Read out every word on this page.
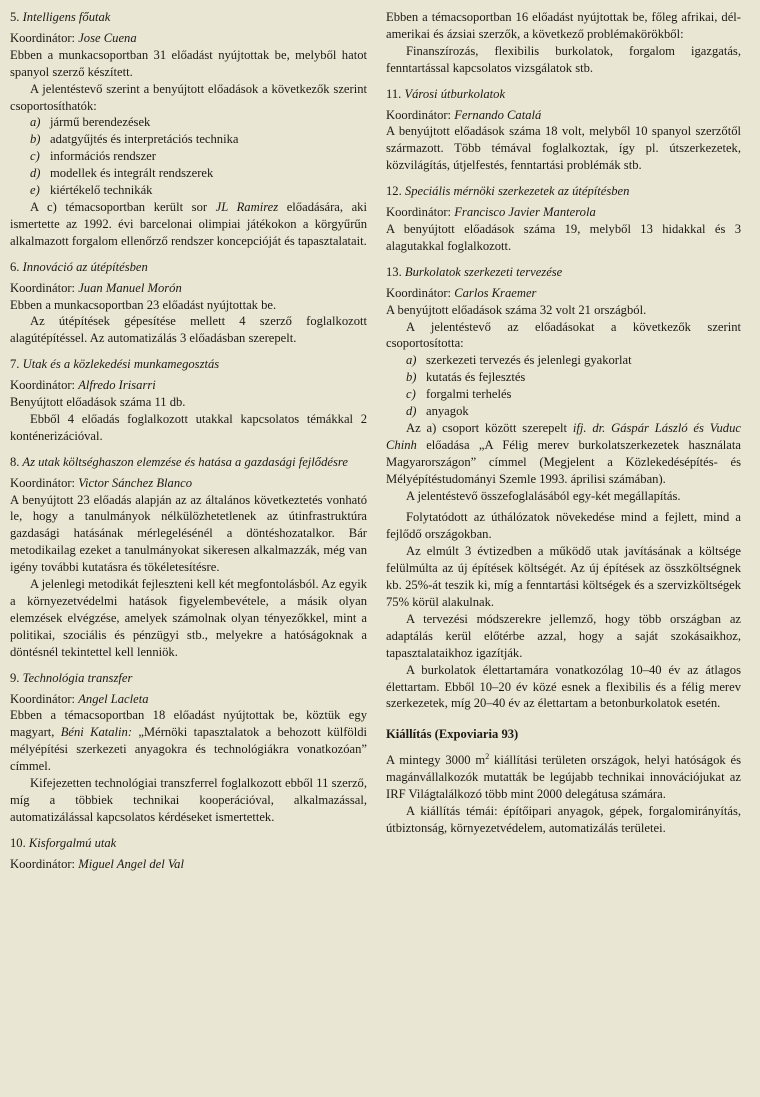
5. Intelligens főutak

Koordinátor: Jose Cuena

Ebben a munkacsoportban 31 előadást nyújtottak be, melyből hatot spanyol szerző készített.

A jelentéstevő szerint a benyújtott előadások a következők szerint csoportosíthatók:

a) jármű berendezések
b) adatgyűjtés és interpretációs technika
c) információs rendszer
d) modellek és integrált rendszerek
e) kiértékelő technikák

A c) témacsoportban került sor JL Ramirez előadására, aki ismertette az 1992. évi barcelonai olimpiai játékokon a körgyűrűn alkalmazott forgalom ellenőrző rendszer koncepcióját és tapasztalatait.

6. Innováció az útépítésben

Koordinátor: Juan Manuel Morón

Ebben a munkacsoportban 23 előadást nyújtottak be.

Az útépítések gépesítése mellett 4 szerző foglalkozott alagútépítéssel. Az automatizálás 3 előadásban szerepelt.

7. Utak és a közlekedési munkamegosztás

Koordinátor: Alfredo Irisarri

Benyújtott előadások száma 11 db.

Ebből 4 előadás foglalkozott utakkal kapcsolatos témákkal 2 konténerizációval.

8. Az utak költséghaszon elemzése és hatása a gazdasági fejlődésre

Koordinátor: Victor Sánchez Blanco

A benyújtott 23 előadás alapján az az általános következtetés vonható le, hogy a tanulmányok nélkülözhetetlenek az útinfrastruktúra gazdasági hatásának mérlegelésénél a döntéshozatalkor. Bár metodikailag ezeket a tanulmányokat sikeresen alkalmazzák, még van igény további kutatásra és tökéletesítésre.

A jelenlegi metodikát fejleszteni kell két megfontolásból. Az egyik a környezetvédelmi hatások figyelembevétele, a másik olyan elemzések elvégzése, amelyek számolnak olyan tényezőkkel, mint a politikai, szociális és pénzügyi stb., melyekre a hatóságoknak a döntésnél tekintettel kell lenniök.

9. Technológia transzfer

Koordinátor: Angel Lacleta

Ebben a témacsoportban 18 előadást nyújtottak be, köztük egy magyart, Béni Katalin: „Mérnöki tapasztalatok a behozott külföldi mélyépítési szerkezeti anyagokra és technológiákra vonatkozóan” címmel.

Kifejezetten technológiai transzferrel foglalkozott ebből 11 szerző, míg a többiek technikai kooperációval, alkalmazással, automatizálással kapcsolatos kérdéseket ismertettek.

10. Kisforgalmú utak

Koordinátor: Miguel Angel del Val

Ebben a témacsoportban 16 előadást nyújtottak be, főleg afrikai, dél-amerikai és ázsiai szerzők, a következő problémakörökből:

Finanszírozás, flexibilis burkolatok, forgalom igazgatás, fenntartással kapcsolatos vizsgálatok stb.

11. Városi útburkolatok

Koordinátor: Fernando Catalá

A benyújtott előadások száma 18 volt, melyből 10 spanyol szerzőtől származott. Több témával foglalkoztak, így pl. útszerkezetek, közvilágítás, útjelfestés, fenntartási problémák stb.

12. Speciális mérnöki szerkezetek az útépítésben

Koordinátor: Francisco Javier Manterola

A benyújtott előadások száma 19, melyből 13 hidakkal és 3 alagutakkal foglalkozott.

13. Burkolatok szerkezeti tervezése

Koordinátor: Carlos Kraemer

A benyújtott előadások száma 32 volt 21 országból.

A jelentéstevő az előadásokat a következők szerint csoportosította:

a) szerkezeti tervezés és jelenlegi gyakorlat
b) kutatás és fejlesztés
c) forgalmi terhelés
d) anyagok

Az a) csoport között szerepelt ifj. dr. Gáspár László és Vuduc Chinh előadása „A Félig merev burkolatszerkezetek használata Magyarországon” címmel (Megjelent a Közlekedésépítés- és Mélyépítéstudományi Szemle 1993. áprilisi számában).

A jelentéstevő összefoglalásából egy-két megállapítás.

Folytatódott az úthálózatok növekedése mind a fejlett, mind a fejlődő országokban.

Az elmúlt 3 évtizedben a működő utak javításának a költsége felülmúlta az új építések költségét. Az új építések az összköltségnek kb. 25%-át teszik ki, míg a fenntartási költségek és a szervizköltségek 75% körül alakulnak.

A tervezési módszerekre jellemző, hogy több országban az adaptálás kerül előtérbe azzal, hogy a saját szokásaikhoz, tapasztalataikhoz igazítják.

A burkolatok élettartamára vonatkozólag 10–40 év az átlagos élettartam. Ebből 10–20 év közé esnek a flexibilis és a félig merev szerkezetek, míg 20–40 év az élettartam a betonburkolatok esetén.

Kiállítás (Expoviaria 93)

A mintegy 3000 $m^2$ kiállítási területen országok, helyi hatóságok és magánvállalkozók mutatták be legújabb technikai innovációjukat az IRF Világtalálkozó több mint 2000 delegátusa számára.

A kiállítás témái: építőipari anyagok, gépek, forgalomirányítás, útbiztonság, környezetvédelem, automatizálás területei.
